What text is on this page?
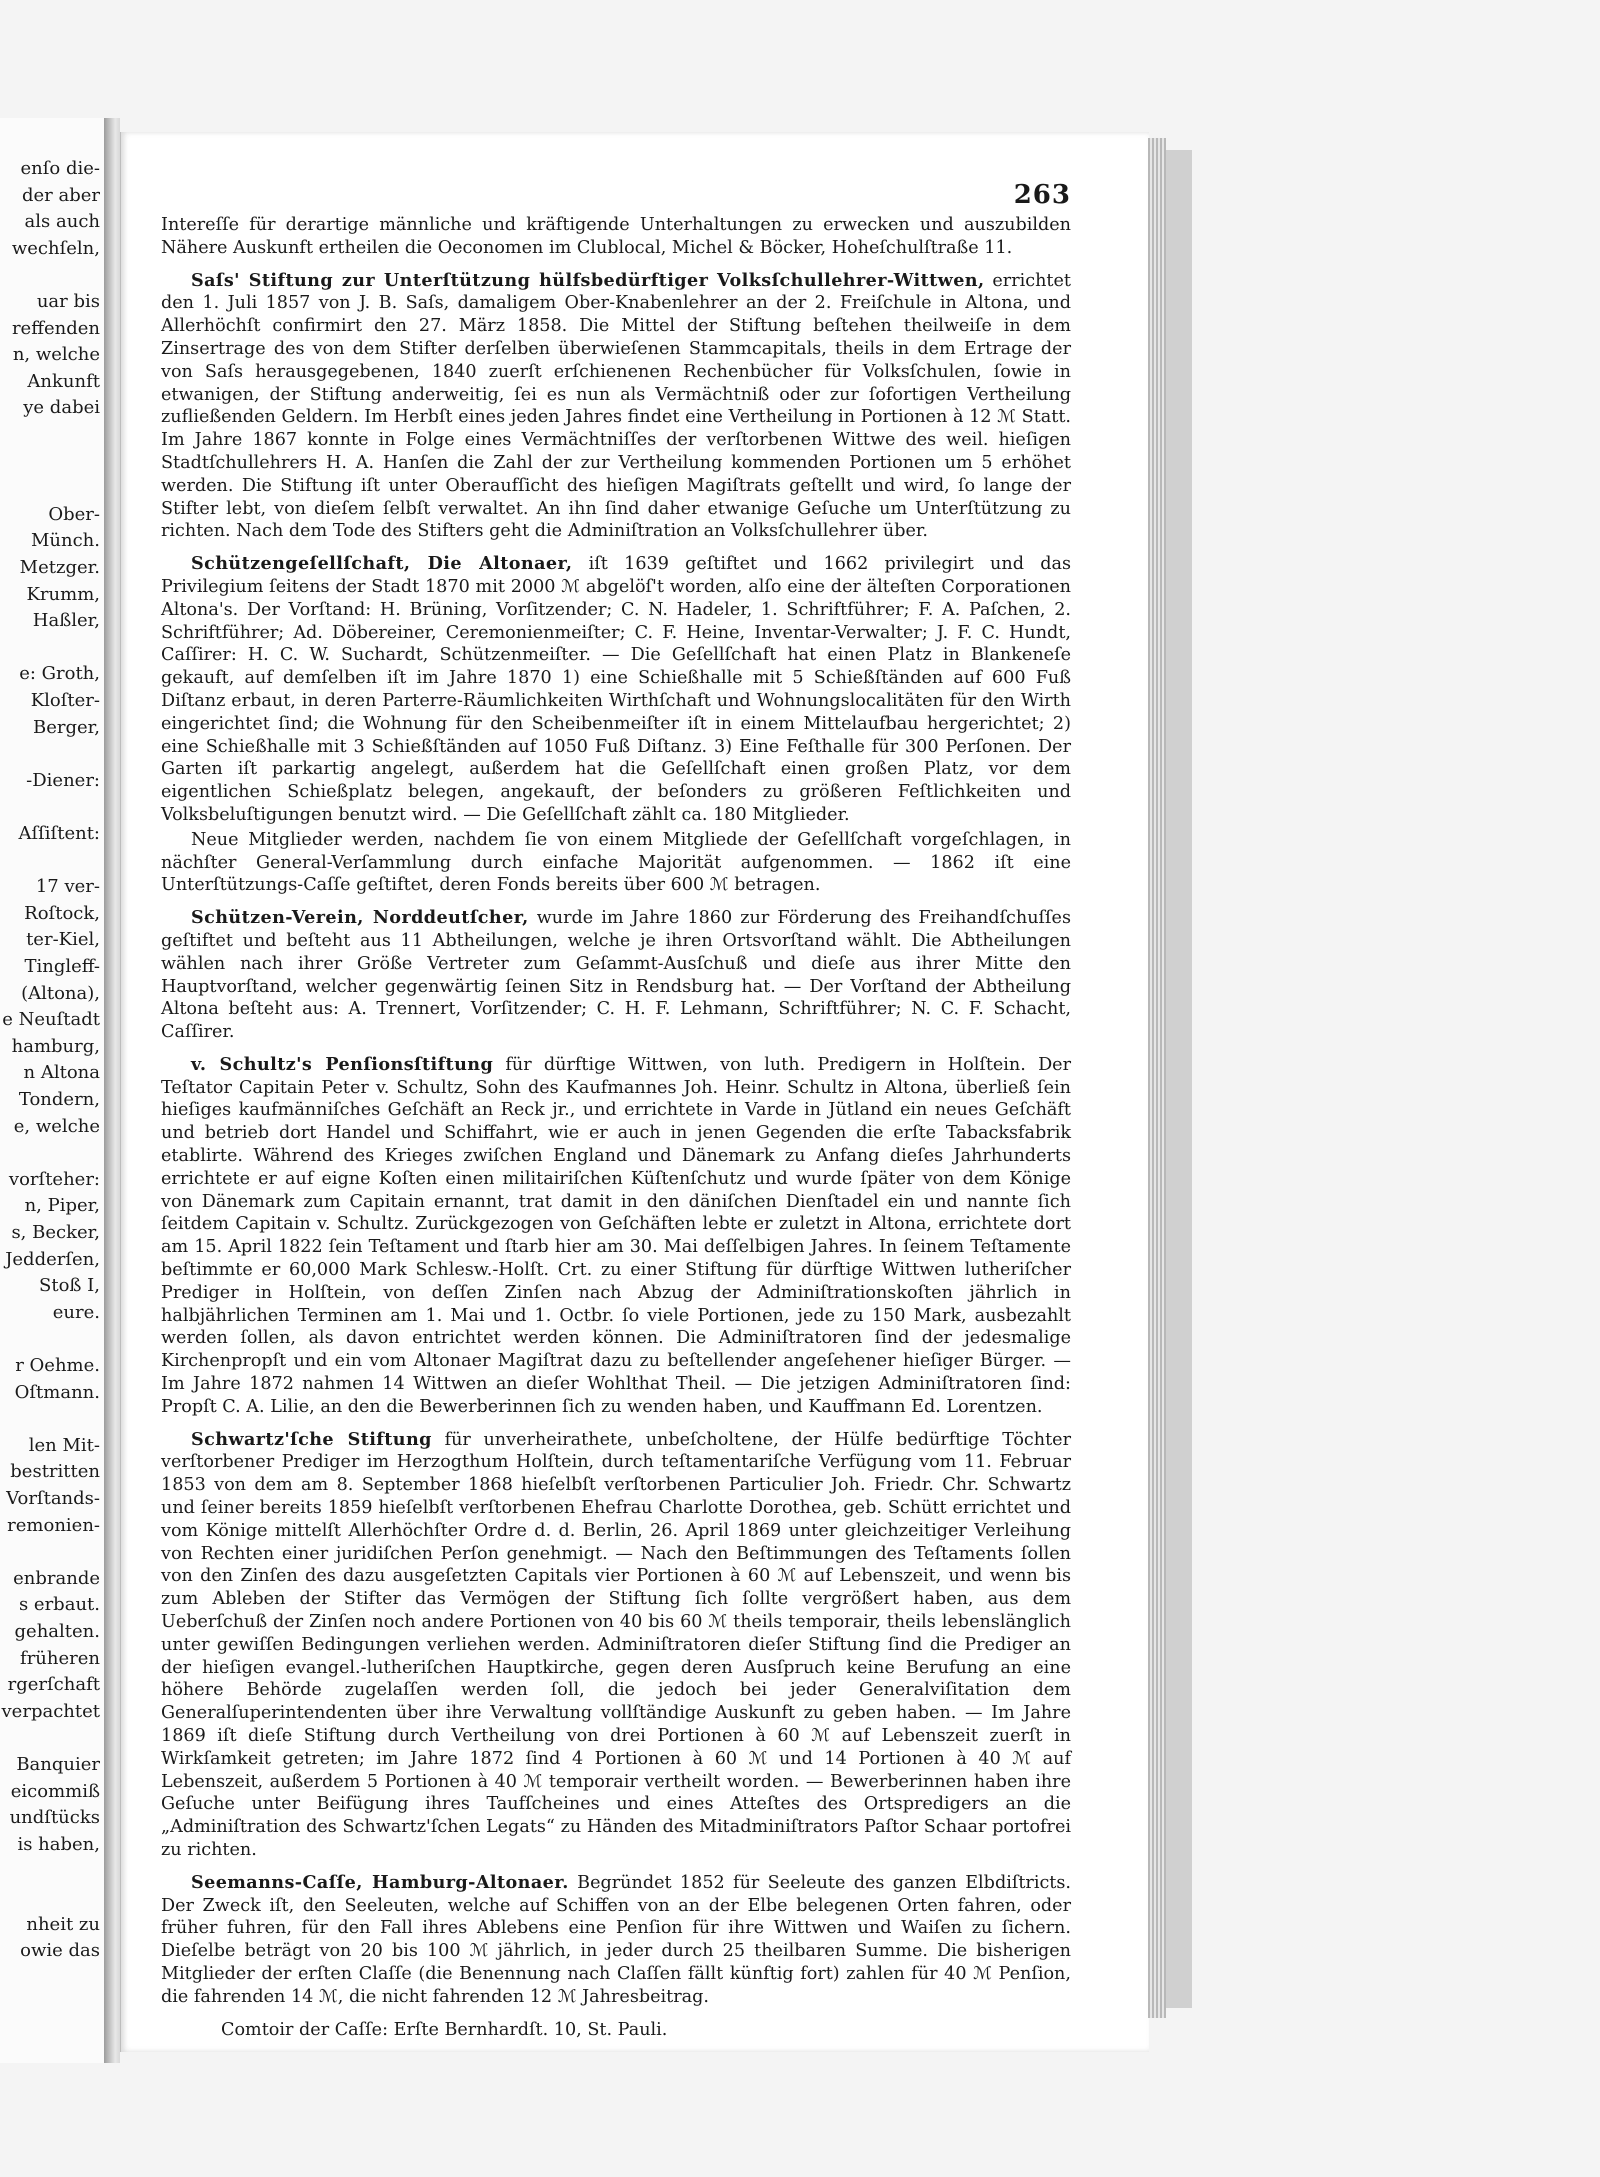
enſo die-
der aber
als auch
wechſeln,
uar bis
reffenden
n, welche
Ankunft
ye dabei
Ober-
Münch.
Metzger.
Krumm,
Haßler,
e: Groth,
Kloſter-
Berger,
-Diener:
Aſſiſtent:
17 ver-
Roſtock,
ter-Kiel,
Tingleff-
(Altona),
e Neuſtadt
hamburg,
n Altona
Tondern,
e, welche
vorſteher:
n, Piper,
s, Becker,
Jedderſen,
Stoß I,
eure.
r Oehme.
Oſtmann.
len Mit-
bestritten
Vorſtands-
remonien-
enbrande
s erbaut.
gehalten.
früheren
rgerſchaft
verpachtet
Banquier
eicommiß
undſtücks
is haben,
nheit zu
owie das
263

Intereſſe für derartige männliche und kräftigende Unterhaltungen zu erwecken und auszubilden Nähere Auskunft ertheilen die Oeconomen im Clublocal, Michel & Böcker, Hoheſchulſtraße 11.

Saſs' Stiftung zur Unterſtützung hülfsbedürftiger Volksſchullehrer-Wittwen, errichtet den 1. Juli 1857 von J. B. Saſs, damaligem Ober-Knabenlehrer an der 2. Freiſchule in Altona, und Allerhöchſt confirmirt den 27. März 1858. Die Mittel der Stiftung beſtehen theilweiſe in dem Zinsertrage des von dem Stifter derſelben überwieſenen Stammcapitals, theils in dem Ertrage der von Saſs herausgegebenen, 1840 zuerſt erſchienenen Rechenbücher für Volksſchulen, ſowie in etwanigen, der Stiftung anderweitig, ſei es nun als Vermächtniß oder zur ſofortigen Vertheilung zufließenden Geldern. Im Herbſt eines jeden Jahres findet eine Vertheilung in Portionen à 12 ℳ Statt. Im Jahre 1867 konnte in Folge eines Vermächtniſſes der verſtorbenen Wittwe des weil. hieſigen Stadtſchullehrers H. A. Hanſen die Zahl der zur Vertheilung kommenden Portionen um 5 erhöhet werden. Die Stiftung iſt unter Oberaufſicht des hieſigen Magiſtrats geſtellt und wird, ſo lange der Stifter lebt, von dieſem ſelbſt verwaltet. An ihn ſind daher etwanige Geſuche um Unterſtützung zu richten. Nach dem Tode des Stifters geht die Adminiſtration an Volksſchullehrer über.

Schützengeſellſchaft, Die Altonaer, iſt 1639 geſtiftet und 1662 privilegirt und das Privilegium ſeitens der Stadt 1870 mit 2000 ℳ abgelöſ't worden, alſo eine der älteſten Corporationen Altona's. Der Vorſtand: H. Brüning, Vorſitzender; C. N. Hadeler, 1. Schriftführer; F. A. Paſchen, 2. Schriftführer; Ad. Döbereiner, Ceremonienmeiſter; C. F. Heine, Inventar-Verwalter; J. F. C. Hundt, Caſſirer: H. C. W. Suchardt, Schützenmeiſter. — Die Geſellſchaft hat einen Platz in Blankeneſe gekauft, auf demſelben iſt im Jahre 1870 1) eine Schießhalle mit 5 Schießſtänden auf 600 Fuß Diſtanz erbaut, in deren Parterre-Räumlichkeiten Wirthſchaft und Wohnungslocalitäten für den Wirth eingerichtet ſind; die Wohnung für den Scheibenmeiſter iſt in einem Mittelaufbau hergerichtet; 2) eine Schießhalle mit 3 Schießſtänden auf 1050 Fuß Diſtanz. 3) Eine Feſthalle für 300 Perſonen. Der Garten iſt parkartig angelegt, außerdem hat die Geſellſchaft einen großen Platz, vor dem eigentlichen Schießplatz belegen, angekauft, der beſonders zu größeren Feſtlichkeiten und Volksbeluſtigungen benutzt wird. — Die Geſellſchaft zählt ca. 180 Mitglieder.

Neue Mitglieder werden, nachdem ſie von einem Mitgliede der Geſellſchaft vorgeſchlagen, in nächſter General-Verſammlung durch einfache Majorität aufgenommen. — 1862 iſt eine Unterſtützungs-Caſſe geſtiftet, deren Fonds bereits über 600 ℳ betragen.

Schützen-Verein, Norddeutſcher, wurde im Jahre 1860 zur Förderung des Freihandſchuſſes geſtiftet und beſteht aus 11 Abtheilungen, welche je ihren Ortsvorſtand wählt. Die Abtheilungen wählen nach ihrer Größe Vertreter zum Geſammt-Ausſchuß und dieſe aus ihrer Mitte den Hauptvorſtand, welcher gegenwärtig ſeinen Sitz in Rendsburg hat. — Der Vorſtand der Abtheilung Altona beſteht aus: A. Trennert, Vorſitzender; C. H. F. Lehmann, Schriftführer; N. C. F. Schacht, Caſſirer.

v. Schultz's Penſionsſtiftung für dürftige Wittwen, von luth. Predigern in Holſtein. Der Teſtator Capitain Peter v. Schultz, Sohn des Kaufmannes Joh. Heinr. Schultz in Altona, überließ ſein hieſiges kaufmänniſches Geſchäft an Reck jr., und errichtete in Varde in Jütland ein neues Geſchäft und betrieb dort Handel und Schiffahrt, wie er auch in jenen Gegenden die erſte Tabacksfabrik etablirte. Während des Krieges zwiſchen England und Dänemark zu Anfang dieſes Jahrhunderts errichtete er auf eigne Koſten einen militairiſchen Küſtenſchutz und wurde ſpäter von dem Könige von Dänemark zum Capitain ernannt, trat damit in den däniſchen Dienſtadel ein und nannte ſich ſeitdem Capitain v. Schultz. Zurückgezogen von Geſchäften lebte er zuletzt in Altona, errichtete dort am 15. April 1822 ſein Teſtament und ſtarb hier am 30. Mai deſſelbigen Jahres. In ſeinem Teſtamente beſtimmte er 60,000 Mark Schlesw.-Holſt. Crt. zu einer Stiftung für dürftige Wittwen lutheriſcher Prediger in Holſtein, von deſſen Zinſen nach Abzug der Adminiſtrationskoſten jährlich in halbjährlichen Terminen am 1. Mai und 1. Octbr. ſo viele Portionen, jede zu 150 Mark, ausbezahlt werden ſollen, als davon entrichtet werden können. Die Adminiſtratoren ſind der jedesmalige Kirchenpropſt und ein vom Altonaer Magiſtrat dazu zu beſtellender angeſehener hieſiger Bürger. — Im Jahre 1872 nahmen 14 Wittwen an dieſer Wohlthat Theil. — Die jetzigen Adminiſtratoren ſind: Propſt C. A. Lilie, an den die Bewerberinnen ſich zu wenden haben, und Kauffmann Ed. Lorentzen.

Schwartz'ſche Stiftung für unverheirathete, unbeſcholtene, der Hülfe bedürftige Töchter verſtorbener Prediger im Herzogthum Holſtein, durch teſtamentariſche Verfügung vom 11. Februar 1853 von dem am 8. September 1868 hieſelbſt verſtorbenen Particulier Joh. Friedr. Chr. Schwartz und ſeiner bereits 1859 hieſelbſt verſtorbenen Ehefrau Charlotte Dorothea, geb. Schütt errichtet und vom Könige mittelſt Allerhöchſter Ordre d. d. Berlin, 26. April 1869 unter gleichzeitiger Verleihung von Rechten einer juridiſchen Perſon genehmigt. — Nach den Beſtimmungen des Teſtaments ſollen von den Zinſen des dazu ausgeſetzten Capitals vier Portionen à 60 ℳ auf Lebenszeit, und wenn bis zum Ableben der Stifter das Vermögen der Stiftung ſich ſollte vergrößert haben, aus dem Ueberſchuß der Zinſen noch andere Portionen von 40 bis 60 ℳ theils temporair, theils lebenslänglich unter gewiſſen Bedingungen verliehen werden. Adminiſtratoren dieſer Stiftung ſind die Prediger an der hieſigen evangel.-lutheriſchen Hauptkirche, gegen deren Ausſpruch keine Berufung an eine höhere Behörde zugelaſſen werden ſoll, die jedoch bei jeder Generalviſitation dem Generalſuperintendenten über ihre Verwaltung vollſtändige Auskunft zu geben haben. — Im Jahre 1869 iſt dieſe Stiftung durch Vertheilung von drei Portionen à 60 ℳ auf Lebenszeit zuerſt in Wirkſamkeit getreten; im Jahre 1872 ſind 4 Portionen à 60 ℳ und 14 Portionen à 40 ℳ auf Lebenszeit, außerdem 5 Portionen à 40 ℳ temporair vertheilt worden. — Bewerberinnen haben ihre Geſuche unter Beifügung ihres Taufſcheines und eines Atteſtes des Ortspredigers an die „Adminiſtration des Schwartz'ſchen Legats“ zu Händen des Mitadminiſtrators Paſtor Schaar portofrei zu richten.

Seemanns-Caſſe, Hamburg-Altonaer. Begründet 1852 für Seeleute des ganzen Elbdiſtricts. Der Zweck iſt, den Seeleuten, welche auf Schiffen von an der Elbe belegenen Orten fahren, oder früher fuhren, für den Fall ihres Ablebens eine Penſion für ihre Wittwen und Waiſen zu ſichern. Dieſelbe beträgt von 20 bis 100 ℳ jährlich, in jeder durch 25 theilbaren Summe. Die bisherigen Mitglieder der erſten Claſſe (die Benennung nach Claſſen fällt künftig fort) zahlen für 40 ℳ Penſion, die fahrenden 14 ℳ, die nicht fahrenden 12 ℳ Jahresbeitrag.

Comtoir der Caſſe: Erſte Bernhardſt. 10, St. Pauli.
